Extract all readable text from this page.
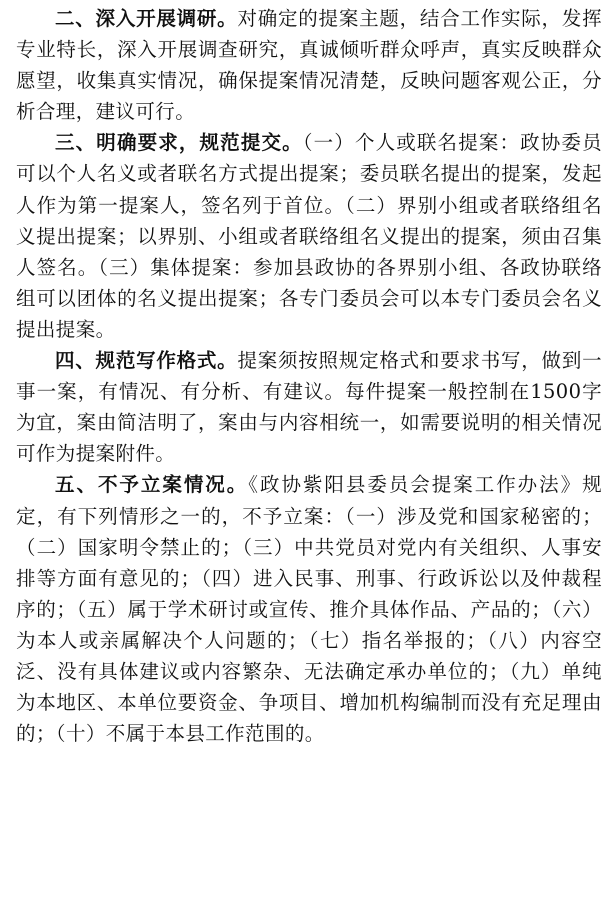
二、深入开展调研。对确定的提案主题，结合工作实际，发挥专业特长，深入开展调查研究，真诚倾听群众呼声，真实反映群众愿望，收集真实情况，确保提案情况清楚，反映问题客观公正，分析合理，建议可行。

三、明确要求，规范提交。（一）个人或联名提案：政协委员可以个人名义或者联名方式提出提案；委员联名提出的提案，发起人作为第一提案人，签名列于首位。（二）界别小组或者联络组名义提出提案；以界别、小组或者联络组名义提出的提案，须由召集人签名。（三）集体提案：参加县政协的各界别小组、各政协联络组可以团体的名义提出提案；各专门委员会可以本专门委员会名义提出提案。

四、规范写作格式。提案须按照规定格式和要求书写，做到一事一案，有情况、有分析、有建议。每件提案一般控制在1500字为宜，案由简洁明了，案由与内容相统一，如需要说明的相关情况可作为提案附件。

五、不予立案情况。《政协紫阳县委员会提案工作办法》规定，有下列情形之一的，不予立案：（一）涉及党和国家秘密的；（二）国家明令禁止的；（三）中共党员对党内有关组织、人事安排等方面有意见的；（四）进入民事、刑事、行政诉讼以及仲裁程序的；（五）属于学术研讨或宣传、推介具体作品、产品的；（六）为本人或亲属解决个人问题的；（七）指名举报的；（八）内容空泛、没有具体建议或内容繁杂、无法确定承办单位的；（九）单纯为本地区、本单位要资金、争项目、增加机构编制而没有充足理由的；（十）不属于本县工作范围的。
